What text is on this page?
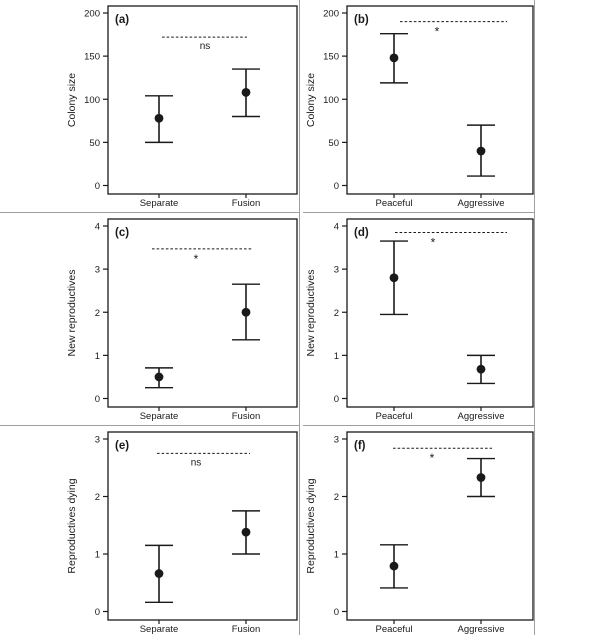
0
50
100
150
200
Colony size
(a)
ns
Separate	Fusion
0
50
100
150
200
Colony size
(b)
*
Peaceful	Aggressive
0
1
2
3
4
New reproductives
(c)
*
Separate	Fusion
0
1
2
3
4
New reproductives
(d)
*
Peaceful	Aggressive
0
1
2
3
Reproductives dying
(e)
ns
Separate	Fusion
0
1
2
3
Reproductives dying
(f)
*
Peaceful	Aggressive
